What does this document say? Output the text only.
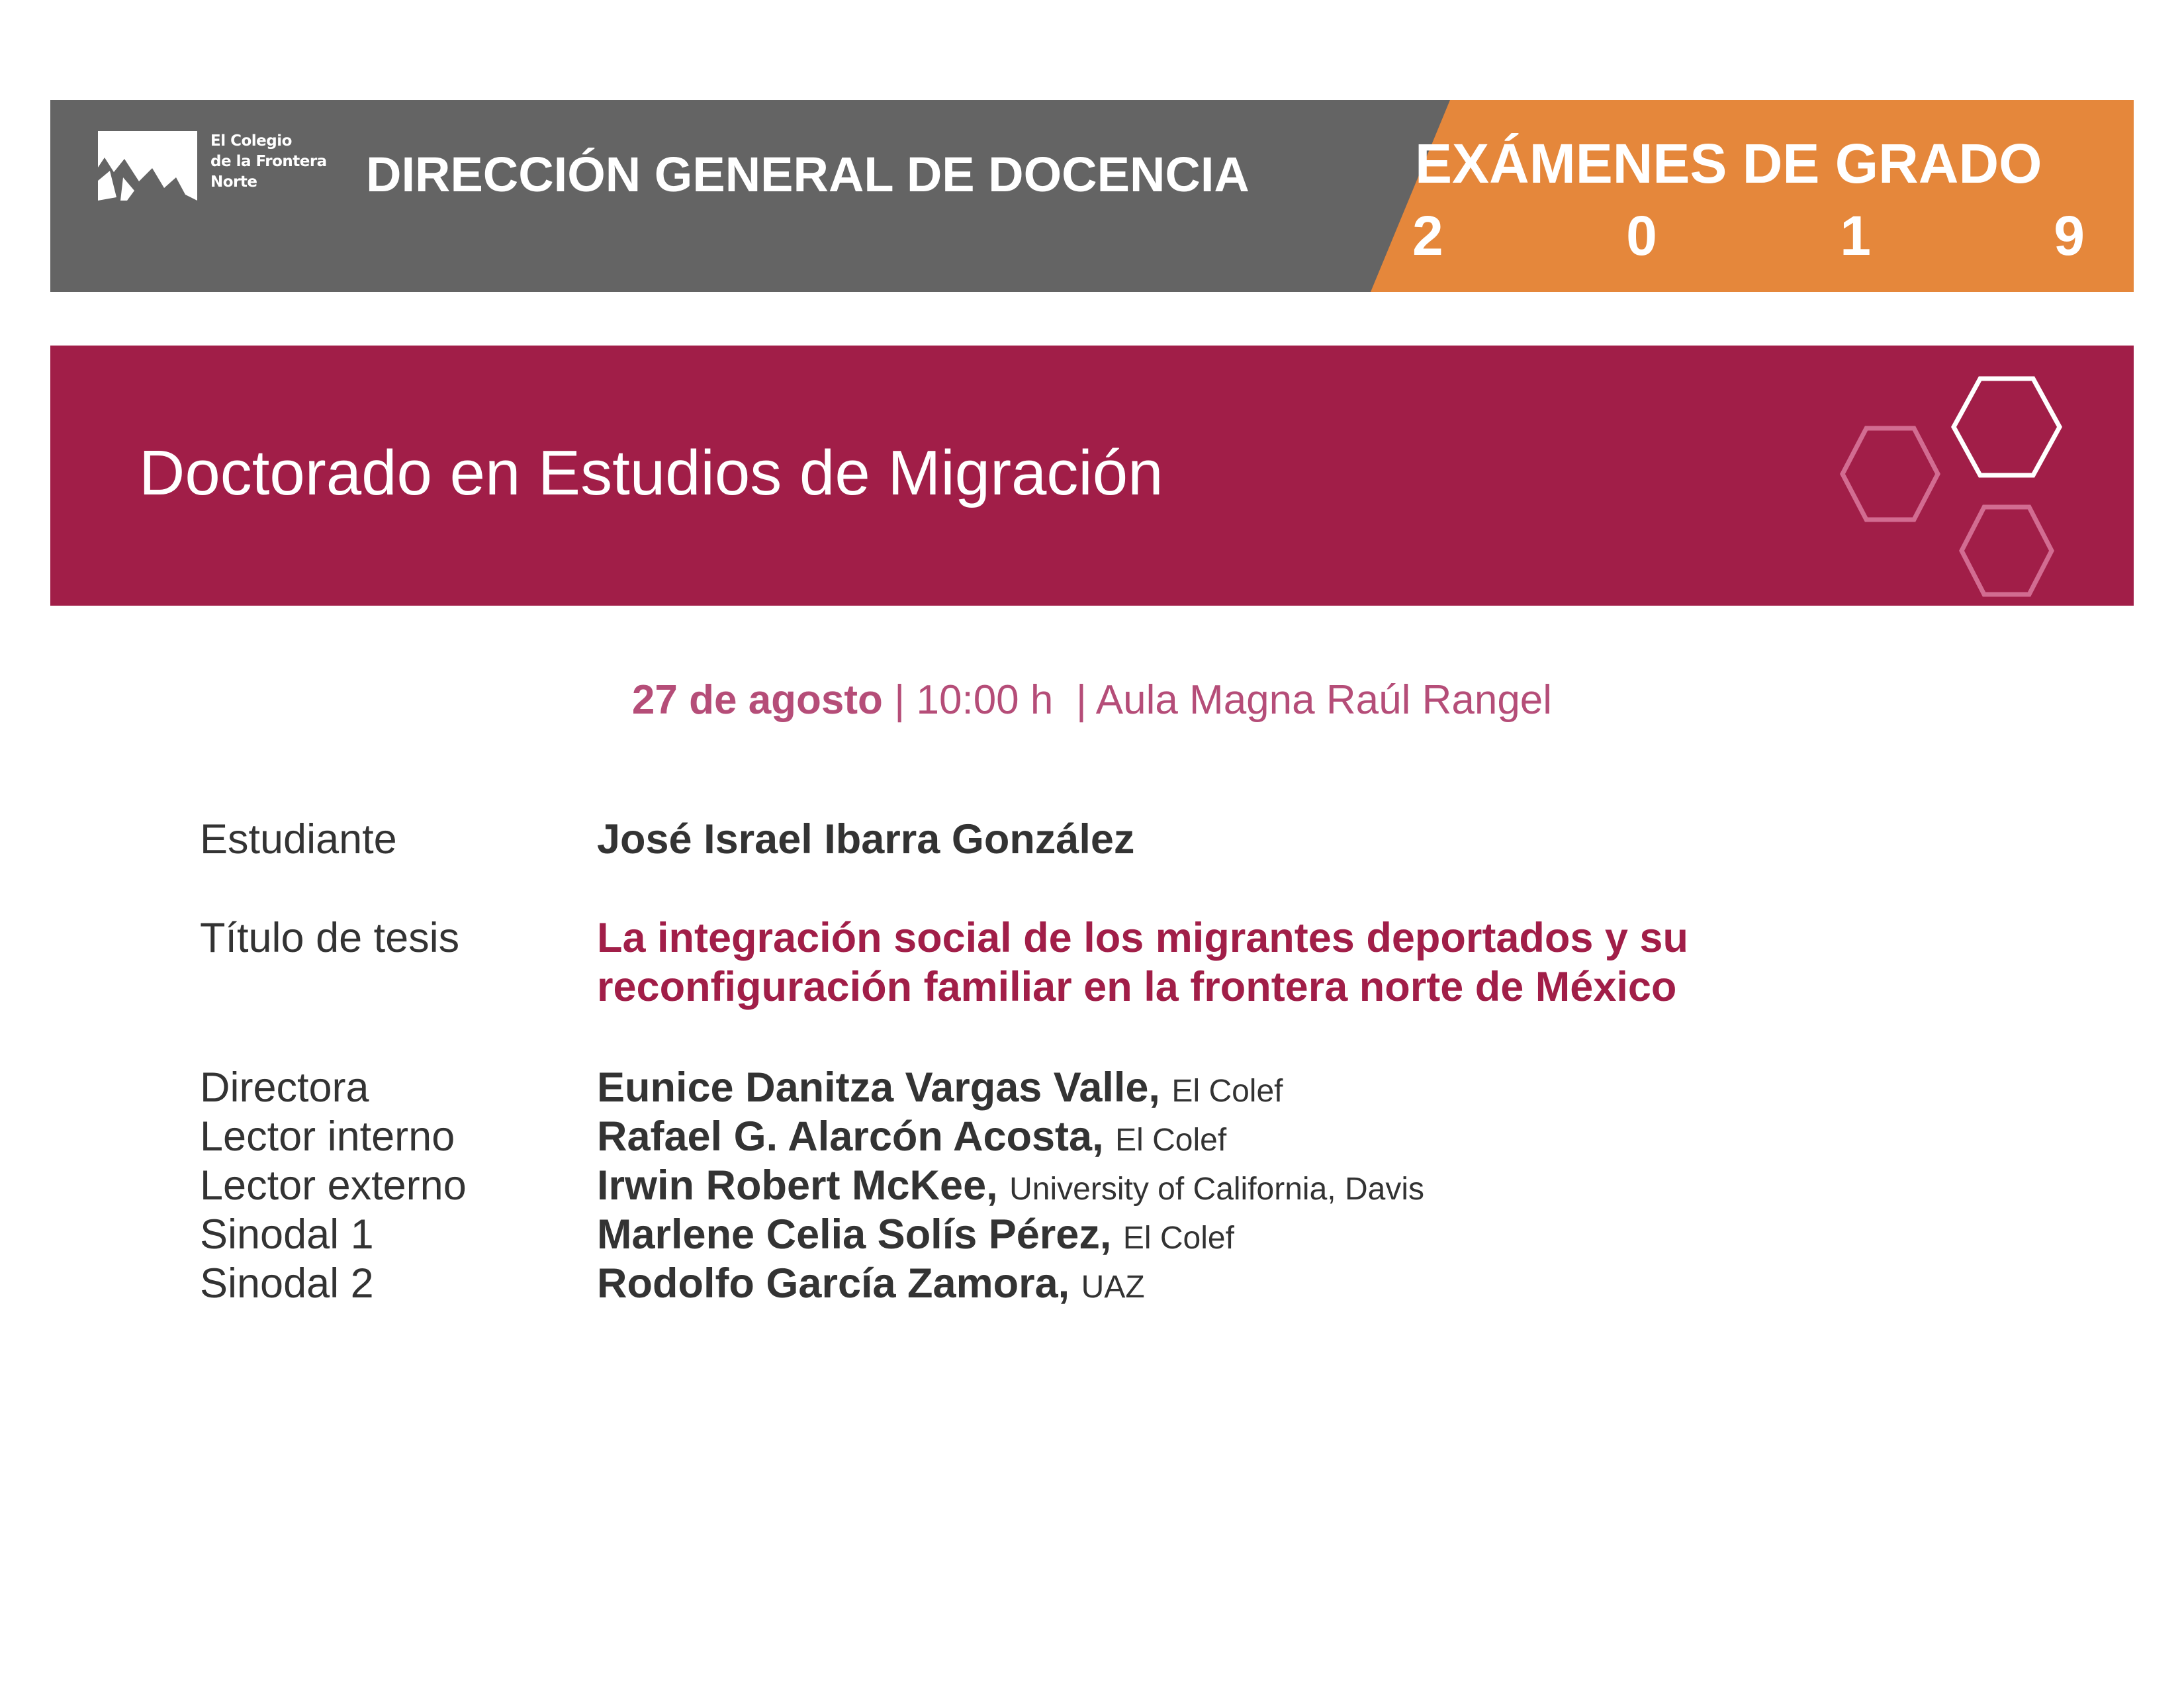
El Colegio
de la Frontera
Norte	DIRECCIÓN GENERAL DE DOCENCIA	EXÁMENES DE GRADO
2	0	1	9
Doctorado en Estudios de Migración
27 de agosto | 10:00 h | Aula Magna Raúl Rangel
Estudiante	José Israel Ibarra González
Título de tesis	La integración social de los migrantes deportados y su
reconfiguración familiar en la frontera norte de México
Directora	Eunice Danitza Vargas Valle, El Colef
Lector interno	Rafael G. Alarcón Acosta, El Colef
Lector externo	Irwin Robert McKee, University of California, Davis
Sinodal 1	Marlene Celia Solís Pérez, El Colef
Sinodal 2	Rodolfo García Zamora, UAZ
